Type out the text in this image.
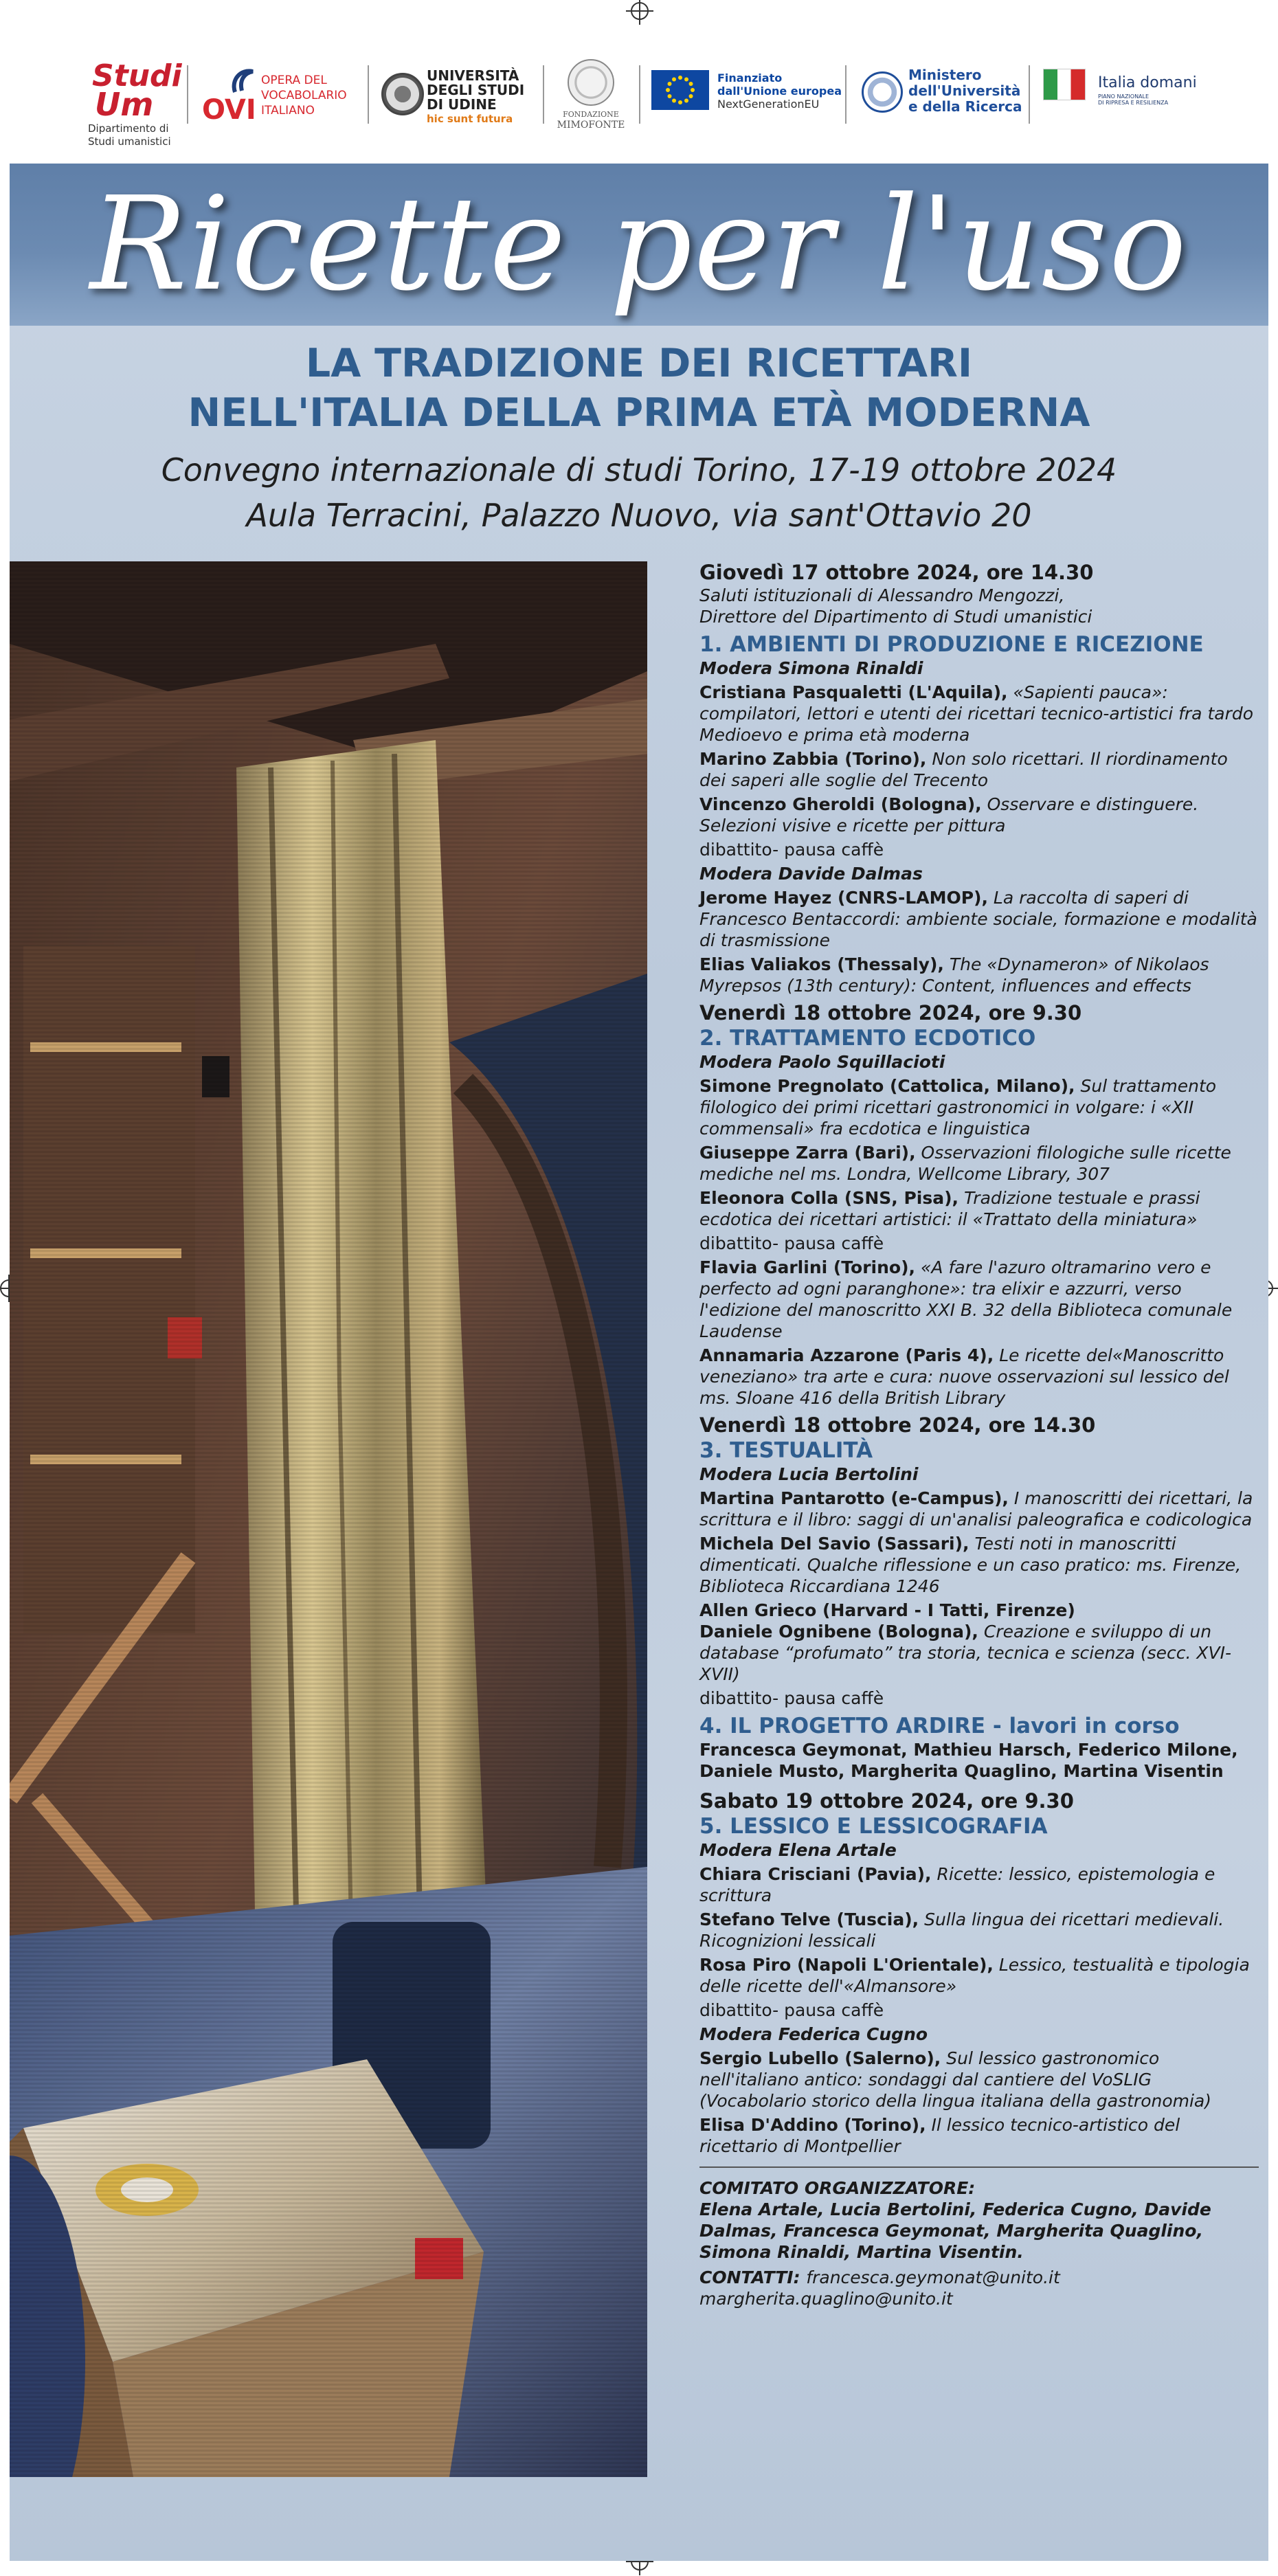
Studi
Um
Dipartimento di
Studi umanistici
OVI
OPERA DEL
VOCABOLARIO
ITALIANO
UNIVERSITÀ
DEGLI STUDI
DI UDINE
hic sunt futura	FONDAZIONE
MIMOFONTE
Finanziato
dall'Unione europea
NextGenerationEU
Ministero
dell'Università
e della Ricerca
Italia domani
PIANO NAZIONALE
DI RIPRESA E RESILIENZA
Ricette per l'uso
LA TRADIZIONE DEI RICETTARI
NELL'ITALIA DELLA PRIMA ETÀ MODERNA
Convegno internazionale di studi Torino, 17-19 ottobre 2024
Aula Terracini, Palazzo Nuovo, via sant'Ottavio 20
Giovedì 17 ottobre 2024, ore 14.30
Saluti istituzionali di Alessandro Mengozzi,
Direttore del Dipartimento di Studi umanistici
1. AMBIENTI DI PRODUZIONE E RICEZIONE
Modera Simona Rinaldi
Cristiana Pasqualetti (L'Aquila), «Sapienti pauca»: compilatori, lettori e utenti dei ricettari tecnico-artistici fra tardo Medioevo e prima età moderna
Marino Zabbia (Torino), Non solo ricettari. Il riordinamento dei saperi alle soglie del Trecento
Vincenzo Gheroldi (Bologna), Osservare e distinguere. Selezioni visive e ricette per pittura
dibattito- pausa caffè
Modera Davide Dalmas
Jerome Hayez (CNRS-LAMOP), La raccolta di saperi di Francesco Bentaccordi: ambiente sociale, formazione e modalità di trasmissione
Elias Valiakos (Thessaly), The «Dynameron» of Nikolaos Myrepsos (13th century): Content, influences and effects
Venerdì 18 ottobre 2024, ore 9.30
2. TRATTAMENTO ECDOTICO
Modera Paolo Squillacioti
Simone Pregnolato (Cattolica, Milano), Sul trattamento filologico dei primi ricettari gastronomici in volgare: i «XII commensali» fra ecdotica e linguistica
Giuseppe Zarra (Bari), Osservazioni filologiche sulle ricette mediche nel ms. Londra, Wellcome Library, 307
Eleonora Colla (SNS, Pisa), Tradizione testuale e prassi ecdotica dei ricettari artistici: il «Trattato della miniatura»
dibattito- pausa caffè
Flavia Garlini (Torino), «A fare l'azuro oltramarino vero e perfecto ad ogni paranghone»: tra elixir e azzurri, verso l'edizione del manoscritto XXI B. 32 della Biblioteca comunale Laudense
Annamaria Azzarone (Paris 4), Le ricette del«Manoscritto veneziano» tra arte e cura: nuove osservazioni sul lessico del ms. Sloane 416 della British Library
Venerdì 18 ottobre 2024, ore 14.30
3. TESTUALITÀ
Modera Lucia Bertolini
Martina Pantarotto (e-Campus), I manoscritti dei ricettari, la scrittura e il libro: saggi di un'analisi paleografica e codicologica
Michela Del Savio (Sassari), Testi noti in manoscritti dimenticati. Qualche riflessione e un caso pratico: ms. Firenze, Biblioteca Riccardiana 1246
Allen Grieco (Harvard - I Tatti, Firenze)
Daniele Ognibene (Bologna), Creazione e sviluppo di un database “profumato” tra storia, tecnica e scienza (secc. XVI-XVII)
dibattito- pausa caffè
4. IL PROGETTO ARDIRE - lavori in corso
Francesca Geymonat, Mathieu Harsch, Federico Milone, Daniele Musto, Margherita Quaglino, Martina Visentin
Sabato 19 ottobre 2024, ore 9.30
5. LESSICO E LESSICOGRAFIA
Modera Elena Artale
Chiara Crisciani (Pavia), Ricette: lessico, epistemologia e scrittura
Stefano Telve (Tuscia), Sulla lingua dei ricettari medievali. Ricognizioni lessicali
Rosa Piro (Napoli L'Orientale), Lessico, testualità e tipologia delle ricette dell'«Almansore»
dibattito- pausa caffè
Modera Federica Cugno
Sergio Lubello (Salerno), Sul lessico gastronomico nell'italiano antico: sondaggi dal cantiere del VoSLIG (Vocabolario storico della lingua italiana della gastronomia)
Elisa D'Addino (Torino), Il lessico tecnico-artistico del ricettario di Montpellier
COMITATO ORGANIZZATORE:
Elena Artale, Lucia Bertolini, Federica Cugno, Davide Dalmas, Francesca Geymonat, Margherita Quaglino, Simona Rinaldi, Martina Visentin.
CONTATTI: francesca.geymonat@unito.it
margherita.quaglino@unito.it
